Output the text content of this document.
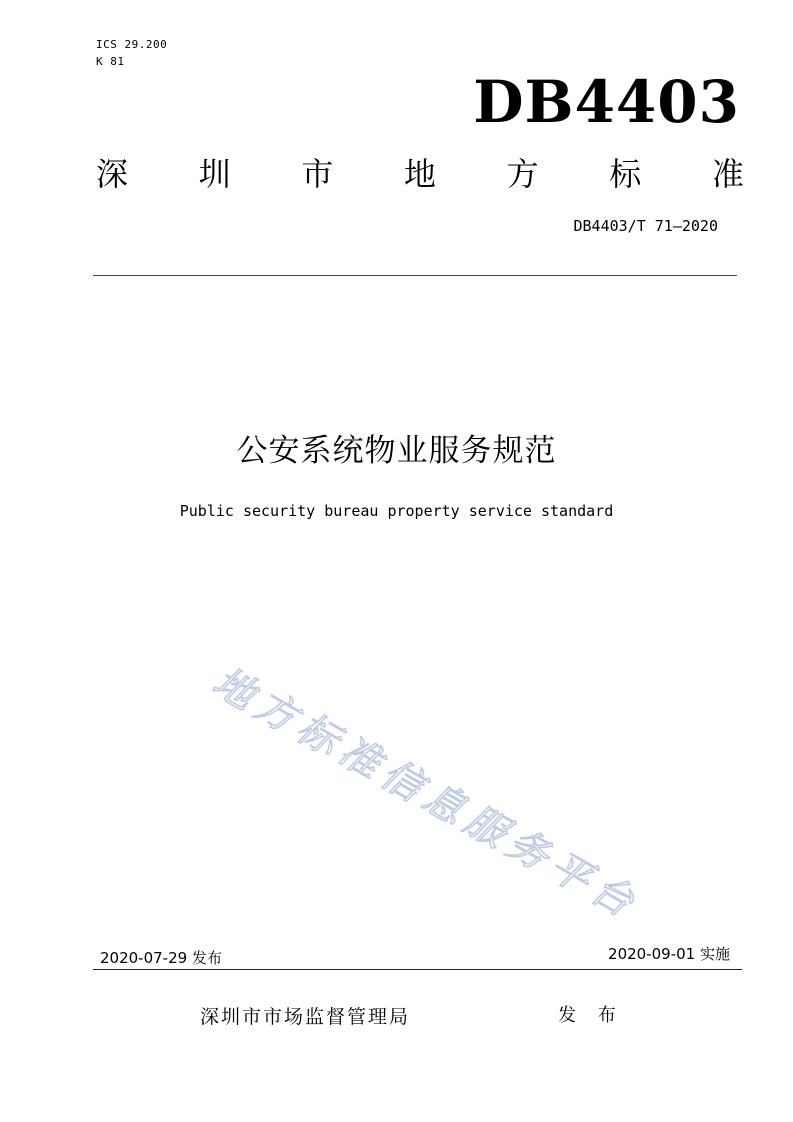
ICS 29.200
K 81
DB4403
深 圳 市 地 方 标 准
DB4403/T 71—2020
公安系统物业服务规范
Public security bureau property service standard
地
方
标
准
信
息
服
务
平
台
2020-07-29 发布	2020-09-01 实施
深圳市市场监督管理局	发 布
